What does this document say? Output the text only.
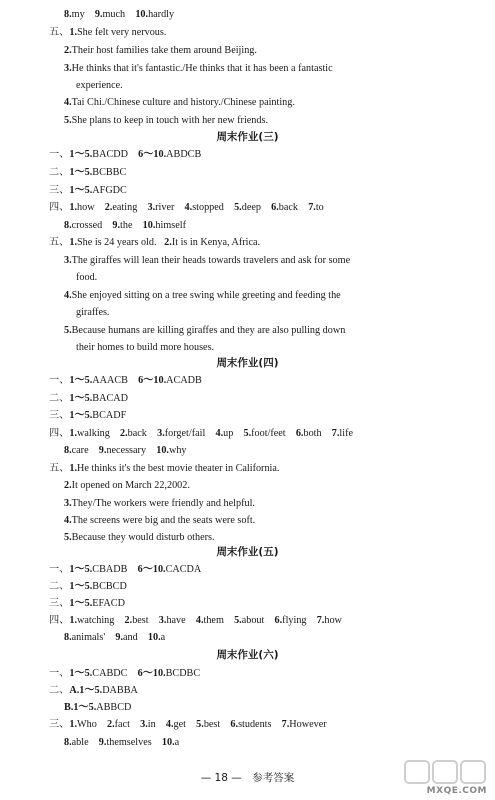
8.my 9.much 10.hardly
五、1.She felt very nervous.
2.Their host families take them around Beijing.
3.He thinks that it's fantastic./He thinks that it has been a fantastic
experience.
4.Tai Chi./Chinese culture and history./Chinese painting.
5.She plans to keep in touch with her new friends.
周末作业(三)
一、1～5.BACDD 6～10.ABDCB
二、1～5.BCBBC
三、1～5.AFGDC
四、1.how 2.eating 3.river 4.stopped 5.deep 6.back 7.to
8.crossed 9.the 10.himself
五、1.She is 24 years old. 2.It is in Kenya, Africa.
3.The giraffes will lean their heads towards travelers and ask for some
food.
4.She enjoyed sitting on a tree swing while greeting and feeding the
giraffes.
5.Because humans are killing giraffes and they are also pulling down
their homes to build more houses.
周末作业(四)
一、1～5.AAACB 6～10.ACADB
二、1～5.BACAD
三、1～5.BCADF
四、1.walking 2.back 3.forget/fail 4.up 5.foot/feet 6.both 7.life
8.care 9.necessary 10.why
五、1.He thinks it's the best movie theater in California.
2.It opened on March 22,2002.
3.They/The workers were friendly and helpful.
4.The screens were big and the seats were soft.
5.Because they would disturb others.
周末作业(五)
一、1～5.CBADB 6～10.CACDA
二、1～5.BCBCD
三、1～5.EFACD
四、1.watching 2.best 3.have 4.them 5.about 6.flying 7.how
8.animals' 9.and 10.a
周末作业(六)
一、1～5.CABDC 6～10.BCDBC
二、A.1～5.DABBA
B.1～5.ABBCD
三、1.Who 2.fact 3.in 4.get 5.best 6.students 7.However
8.able 9.themselves 10.a
— 18 —　参考答案
MXQE.COM
